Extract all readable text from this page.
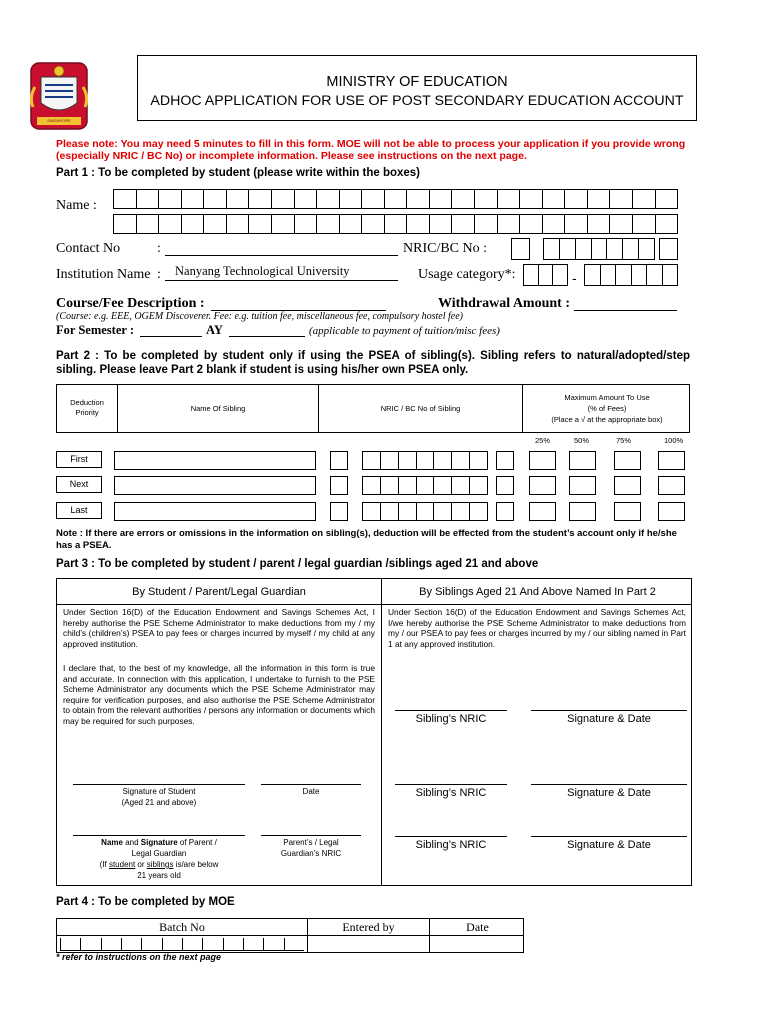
SINGAPORE
MINISTRY OF EDUCATION
ADHOC APPLICATION FOR USE OF POST SECONDARY EDUCATION ACCOUNT
Please note: You may need 5 minutes to fill in this form. MOE will not be able to process your application if you provide wrong (especially NRIC / BC No) or incomplete information. Please see instructions on the next page.
Part 1 : To be completed by student (please write within the boxes)
Name :
Contact No	:	NRIC/BC No :
Institution Name : Nanyang Technological University	Usage category*:	-
Course/Fee Description :	Withdrawal Amount :
(Course: e.g. EEE, OGEM Discoverer. Fee: e.g. tuition fee, miscellaneous fee, compulsory hostel fee)
For Semester :	AY	(applicable to payment of tuition/misc fees)
Part 2 : To be completed by student only if using the PSEA of sibling(s). Sibling refers to natural/adopted/step sibling. Please leave Part 2 blank if student is using his/her own PSEA only.
Deduction Priority	Name Of Sibling	NRIC / BC No of Sibling
Maximum Amount To Use
(% of Fees)
(Place a √ at the appropriate box)
25%	50%	75%	100%
First
Next
Last
Note : If there are errors or omissions in the information on sibling(s), deduction will be effected from the student’s account only if he/she has a PSEA.
Part 3 : To be completed by student / parent / legal guardian /siblings aged 21 and above
By Student / Parent/Legal Guardian	By Siblings Aged 21 And Above Named In Part 2
Under Section 16(D) of the Education Endowment and Savings Schemes Act, I hereby authorise the PSE Scheme Administrator to make deductions from my / my child’s (children’s) PSEA to pay fees or charges incurred by myself / my child at any approved institution.
I declare that, to the best of my knowledge, all the information in this form is true and accurate. In connection with this application, I undertake to furnish to the PSE Scheme Administrator any documents which the PSE Scheme Administrator may require for verification purposes, and also authorise the PSE Scheme Administrator to obtain from the relevant authorities / persons any information or documents which may be required for such purposes.
Under Section 16(D) of the Education Endowment and Savings Schemes Act, I/we hereby authorise the PSE Scheme Administrator to make deductions from my / our PSEA to pay fees or charges incurred by my / our sibling named in Part 1 at any approved institution.
Signature of Student
(Aged 21 and above)
Date
Name and Signature of Parent /
Legal Guardian
(If student or siblings is/are below
21 years old
Parent’s / Legal
Guardian’s NRIC
Sibling’s NRIC	Signature & Date
Sibling’s NRIC	Signature & Date
Sibling’s NRIC	Signature & Date
Part 4 : To be completed by MOE
Batch No	Entered by	Date
* refer to instructions on the next page
